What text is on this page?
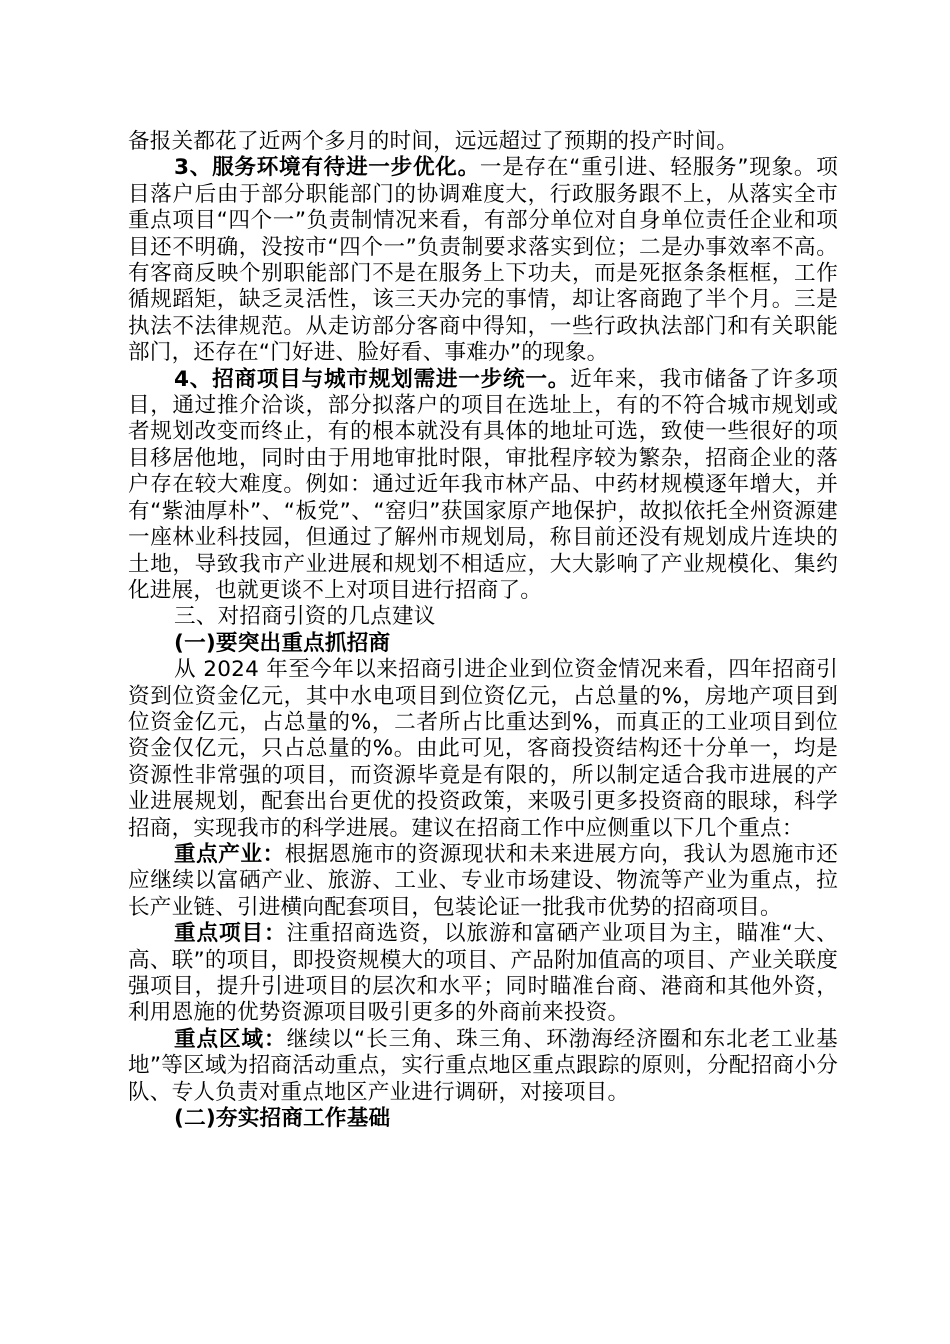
备报关都花了近两个多月的时间，远远超过了预期的投产时间。

3、服务环境有待进一步优化。一是存在“重引进、轻服务”现象。项目落户后由于部分职能部门的协调难度大，行政服务跟不上，从落实全市重点项目“四个一”负责制情况来看，有部分单位对自身单位责任企业和项目还不明确，没按市“四个一”负责制要求落实到位；二是办事效率不高。有客商反映个别职能部门不是在服务上下功夫，而是死抠条条框框，工作循规蹈矩，缺乏灵活性，该三天办完的事情，却让客商跑了半个月。三是执法不法律规范。从走访部分客商中得知，一些行政执法部门和有关职能部门，还存在“门好进、脸好看、事难办”的现象。

4、招商项目与城市规划需进一步统一。近年来，我市储备了许多项目，通过推介洽谈，部分拟落户的项目在选址上，有的不符合城市规划或者规划改变而终止，有的根本就没有具体的地址可选，致使一些很好的项目移居他地，同时由于用地审批时限，审批程序较为繁杂，招商企业的落户存在较大难度。例如：通过近年我市林产品、中药材规模逐年增大，并有“紫油厚朴”、“板党”、“窑归”获国家原产地保护，故拟依托全州资源建一座林业科技园，但通过了解州市规划局，称目前还没有规划成片连块的土地，导致我市产业进展和规划不相适应，大大影响了产业规模化、集约化进展，也就更谈不上对项目进行招商了。

三、对招商引资的几点建议

(一)要突出重点抓招商

从 2024 年至今年以来招商引进企业到位资金情况来看，四年招商引资到位资金亿元，其中水电项目到位资亿元，占总量的%，房地产项目到位资金亿元，占总量的%，二者所占比重达到%，而真正的工业项目到位资金仅亿元，只占总量的%。由此可见，客商投资结构还十分单一，均是资源性非常强的项目，而资源毕竟是有限的，所以制定适合我市进展的产业进展规划，配套出台更优的投资政策，来吸引更多投资商的眼球，科学招商，实现我市的科学进展。建议在招商工作中应侧重以下几个重点：

重点产业：根据恩施市的资源现状和未来进展方向，我认为恩施市还应继续以富硒产业、旅游、工业、专业市场建设、物流等产业为重点，拉长产业链、引进横向配套项目，包装论证一批我市优势的招商项目。

重点项目：注重招商选资，以旅游和富硒产业项目为主，瞄准“大、高、联”的项目，即投资规模大的项目、产品附加值高的项目、产业关联度强项目，提升引进项目的层次和水平；同时瞄准台商、港商和其他外资，利用恩施的优势资源项目吸引更多的外商前来投资。

重点区域：继续以“长三角、珠三角、环渤海经济圈和东北老工业基地”等区域为招商活动重点，实行重点地区重点跟踪的原则，分配招商小分队、专人负责对重点地区产业进行调研，对接项目。

(二)夯实招商工作基础
